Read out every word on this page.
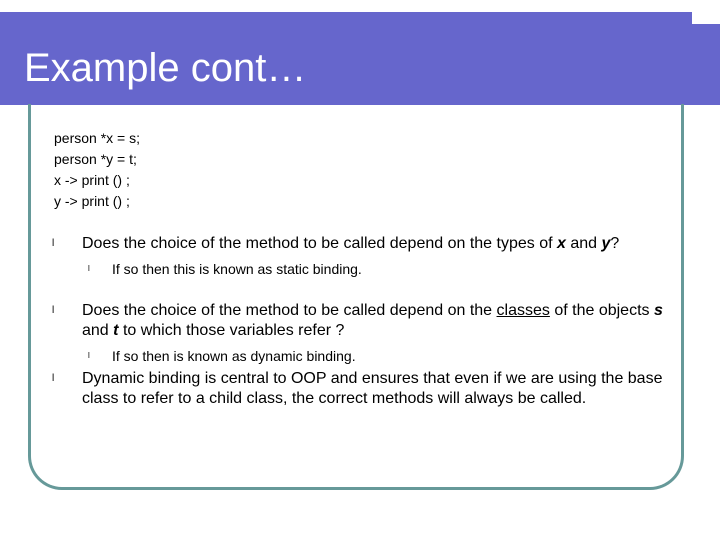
Example cont…
person *x = s;
person *y = t;
x -> print () ;
y -> print () ;
l Does the choice of the method to be called depend on the types of x and y?
l If so then this is known as static binding.
l Does the choice of the method to be called depend on the classes of the objects s and t to which those variables refer ?
l If so then is known as dynamic binding.
l Dynamic binding is central to OOP and ensures that even if we are using the base class to refer to a child class, the correct methods will always be called.
